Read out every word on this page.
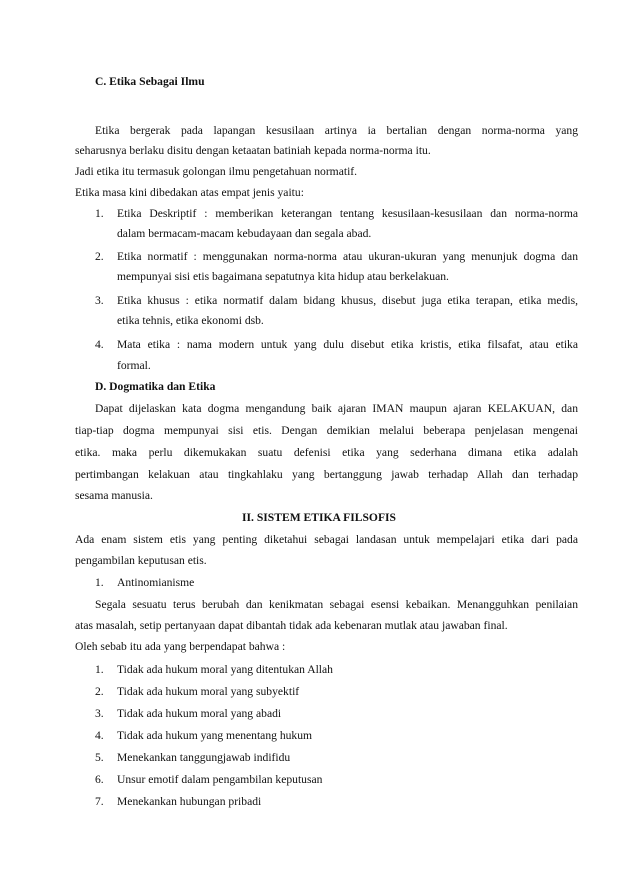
C. Etika Sebagai Ilmu
Etika bergerak pada lapangan kesusilaan artinya ia bertalian dengan norma-norma yang
seharusnya berlaku disitu dengan ketaatan batiniah kepada norma-norma itu.
Jadi etika itu termasuk golongan ilmu pengetahuan normatif.
Etika masa kini dibedakan atas empat jenis yaitu:
1. Etika Deskriptif : memberikan keterangan tentang kesusilaan-kesusilaan dan norma-norma
dalam bermacam-macam kebudayaan dan segala abad.
2. Etika normatif : menggunakan norma-norma atau ukuran-ukuran yang menunjuk dogma dan
mempunyai sisi etis bagaimana sepatutnya kita hidup atau berkelakuan.
3. Etika khusus : etika normatif dalam bidang khusus, disebut juga etika terapan, etika medis,
etika tehnis, etika ekonomi dsb.
4. Mata etika : nama modern untuk yang dulu disebut etika kristis, etika filsafat, atau etika
formal.
D. Dogmatika dan Etika
Dapat dijelaskan kata dogma mengandung baik ajaran IMAN maupun ajaran KELAKUAN, dan
tiap-tiap dogma mempunyai sisi etis. Dengan demikian melalui beberapa penjelasan mengenai
etika. maka perlu dikemukakan suatu defenisi etika yang sederhana dimana etika adalah
pertimbangan kelakuan atau tingkahlaku yang bertanggung jawab terhadap Allah dan terhadap
sesama manusia.
II. SISTEM ETIKA FILSOFIS
Ada enam sistem etis yang penting diketahui sebagai landasan untuk mempelajari etika dari pada
pengambilan keputusan etis.
1. Antinomianisme
Segala sesuatu terus berubah dan kenikmatan sebagai esensi kebaikan. Menangguhkan penilaian
atas masalah, setip pertanyaan dapat dibantah tidak ada kebenaran mutlak atau jawaban final.
Oleh sebab itu ada yang berpendapat bahwa :
1. Tidak ada hukum moral yang ditentukan Allah
2. Tidak ada hukum moral yang subyektif
3. Tidak ada hukum moral yang abadi
4. Tidak ada hukum yang menentang hukum
5. Menekankan tanggungjawab indifidu
6. Unsur emotif dalam pengambilan keputusan
7. Menekankan hubungan pribadi
